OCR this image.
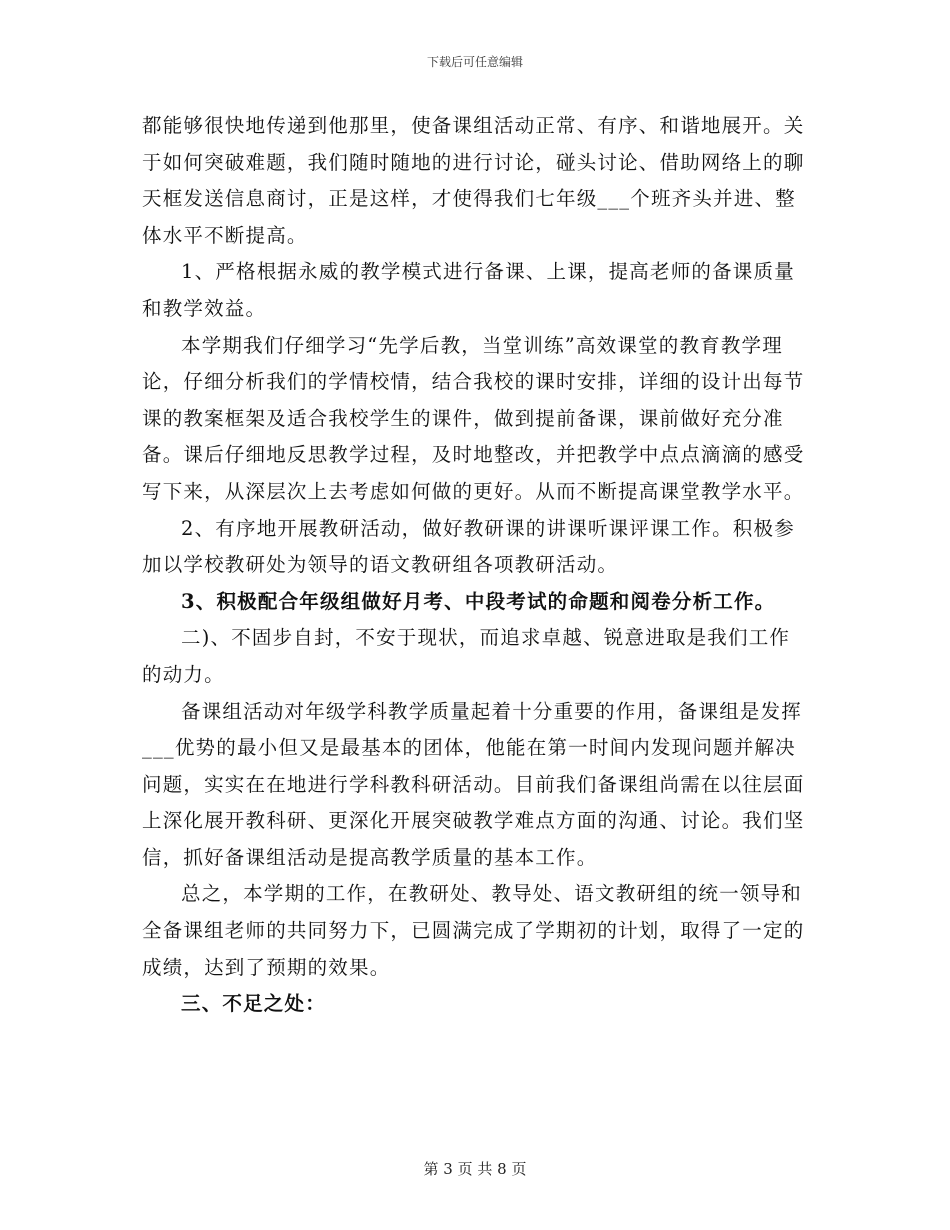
下载后可任意编辑

都能够很快地传递到他那里，使备课组活动正常、有序、和谐地展开。关于如何突破难题，我们随时随地的进行讨论，碰头讨论、借助网络上的聊天框发送信息商讨，正是这样，才使得我们七年级___个班齐头并进、整体水平不断提高。

1、严格根据永威的教学模式进行备课、上课，提高老师的备课质量和教学效益。

本学期我们仔细学习“先学后教，当堂训练”高效课堂的教育教学理论，仔细分析我们的学情校情，结合我校的课时安排，详细的设计出每节课的教案框架及适合我校学生的课件，做到提前备课，课前做好充分准备。课后仔细地反思教学过程，及时地整改，并把教学中点点滴滴的感受写下来，从深层次上去考虑如何做的更好。从而不断提高课堂教学水平。

2、有序地开展教研活动，做好教研课的讲课听课评课工作。积极参加以学校教研处为领导的语文教研组各项教研活动。

3、积极配合年级组做好月考、中段考试的命题和阅卷分析工作。

二)、不固步自封，不安于现状，而追求卓越、锐意进取是我们工作的动力。

备课组活动对年级学科教学质量起着十分重要的作用，备课组是发挥___优势的最小但又是最基本的团体，他能在第一时间内发现问题并解决问题，实实在在地进行学科教科研活动。目前我们备课组尚需在以往层面上深化展开教科研、更深化开展突破教学难点方面的沟通、讨论。我们坚信，抓好备课组活动是提高教学质量的基本工作。

总之，本学期的工作，在教研处、教导处、语文教研组的统一领导和全备课组老师的共同努力下，已圆满完成了学期初的计划，取得了一定的成绩，达到了预期的效果。

三、不足之处：

第 3 页 共 8 页
